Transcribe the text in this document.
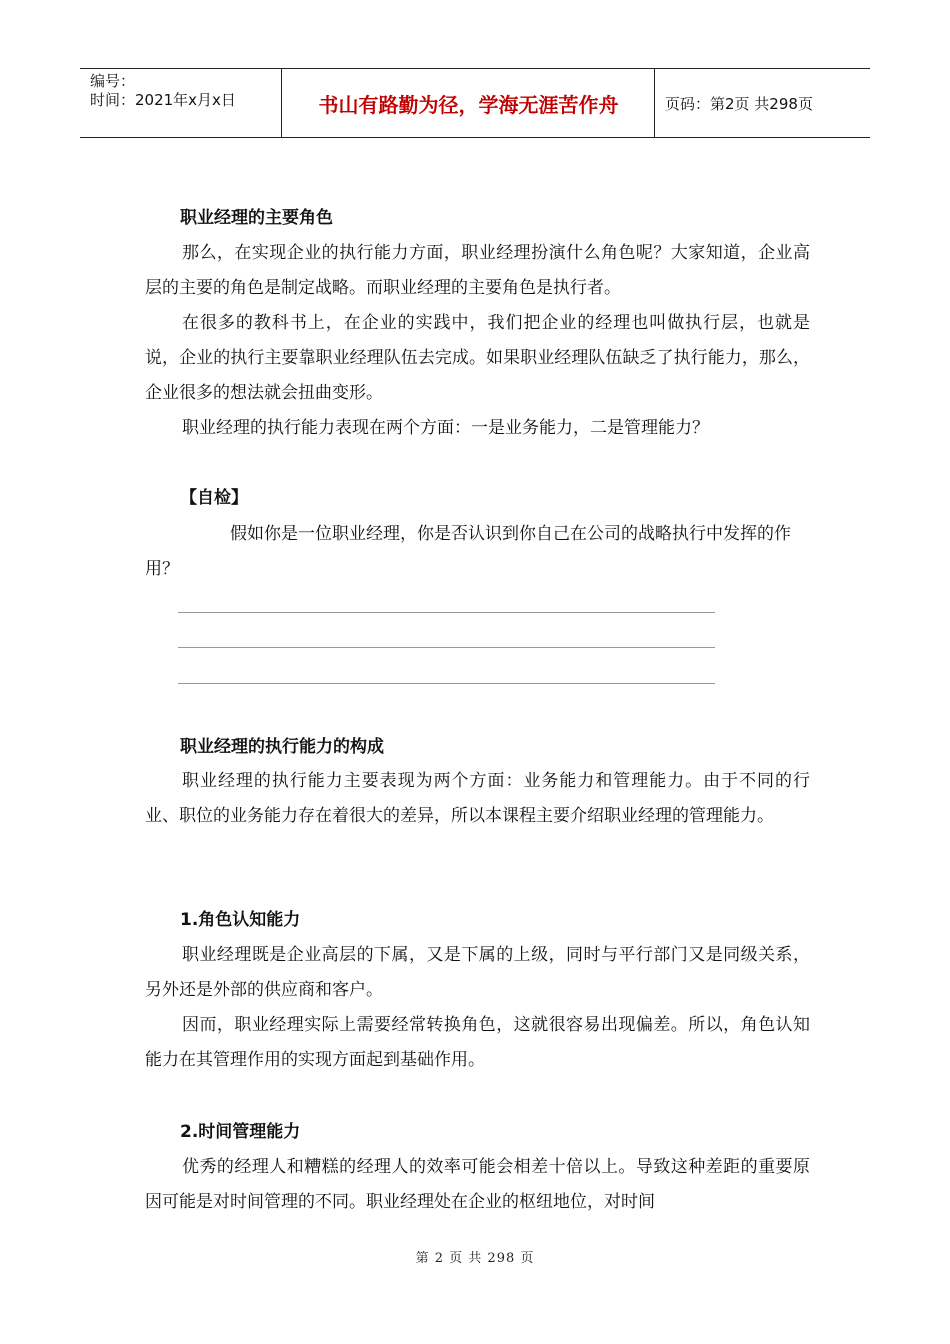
编号：
时间：2021年x月x日	书山有路勤为径，学海无涯苦作舟	页码：第2页 共298页
职业经理的主要角色

那么，在实现企业的执行能力方面，职业经理扮演什么角色呢？大家知道，企业高层的主要的角色是制定战略。而职业经理的主要角色是执行者。

在很多的教科书上，在企业的实践中，我们把企业的经理也叫做执行层，也就是说，企业的执行主要靠职业经理队伍去完成。如果职业经理队伍缺乏了执行能力，那么，企业很多的想法就会扭曲变形。

职业经理的执行能力表现在两个方面：一是业务能力，二是管理能力？

【自检】

假如你是一位职业经理，你是否认识到你自己在公司的战略执行中发挥的作用？

职业经理的执行能力的构成

职业经理的执行能力主要表现为两个方面：业务能力和管理能力。由于不同的行业、职位的业务能力存在着很大的差异，所以本课程主要介绍职业经理的管理能力。

1.角色认知能力

职业经理既是企业高层的下属，又是下属的上级，同时与平行部门又是同级关系，另外还是外部的供应商和客户。

因而，职业经理实际上需要经常转换角色，这就很容易出现偏差。所以，角色认知能力在其管理作用的实现方面起到基础作用。

2.时间管理能力

优秀的经理人和糟糕的经理人的效率可能会相差十倍以上。导致这种差距的重要原因可能是对时间管理的不同。职业经理处在企业的枢纽地位，对时间

第 2 页 共 298 页
